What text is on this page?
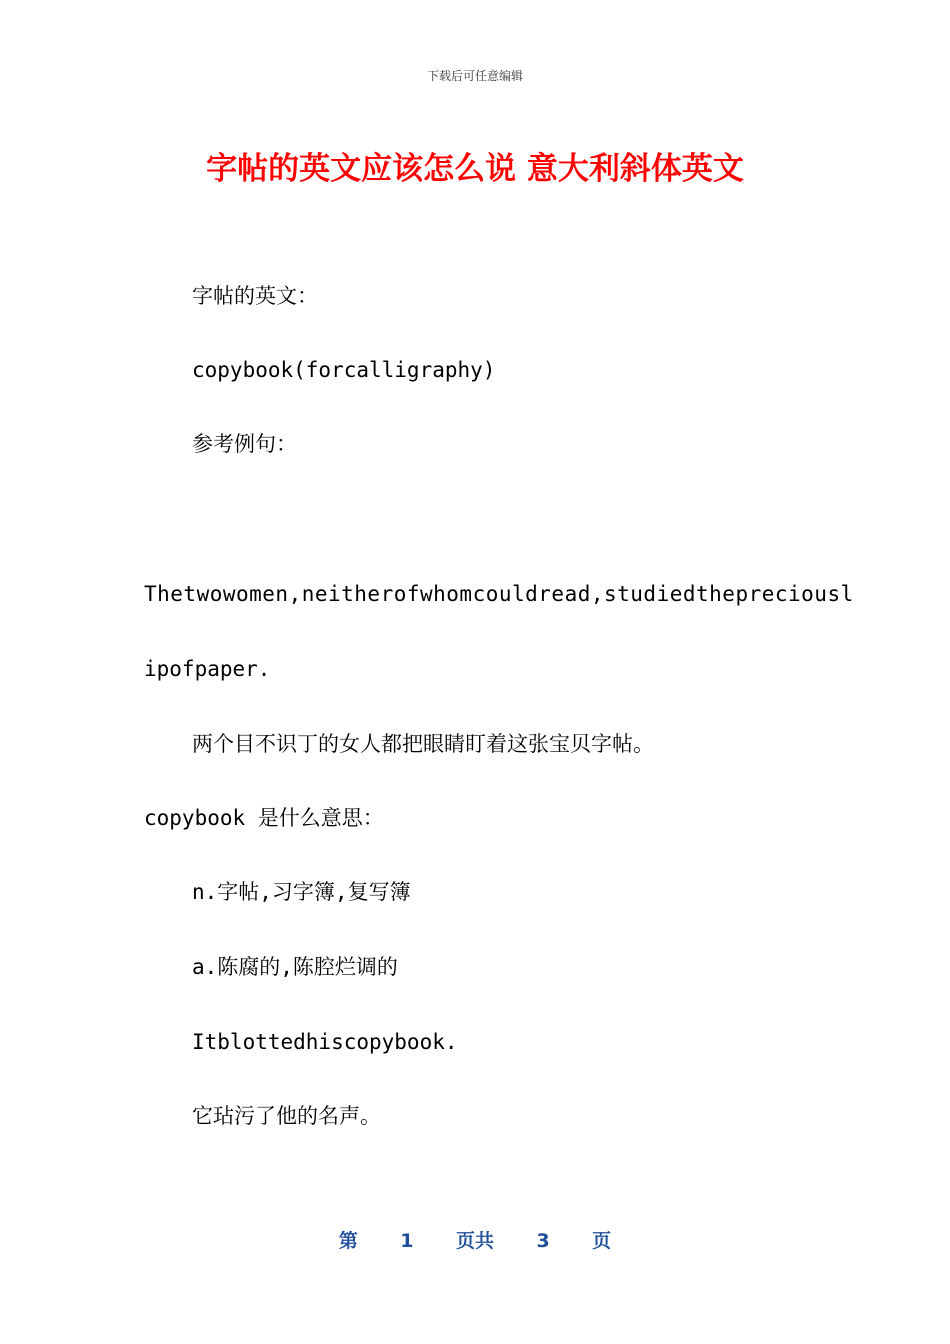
下载后可任意编辑
字帖的英文应该怎么说 意大利斜体英文
字帖的英文：
copybook(forcalligraphy)
参考例句：
Thetwowomen,neitherofwhomcouldread,studiedthepreciousl
ipofpaper.
两个目不识丁的女人都把眼睛盯着这张宝贝字帖。
copybook 是什么意思：
n.字帖,习字簿,复写簿
a.陈腐的,陈腔烂调的
Itblottedhiscopybook.
它玷污了他的名声。
第 1 页共 3 页
